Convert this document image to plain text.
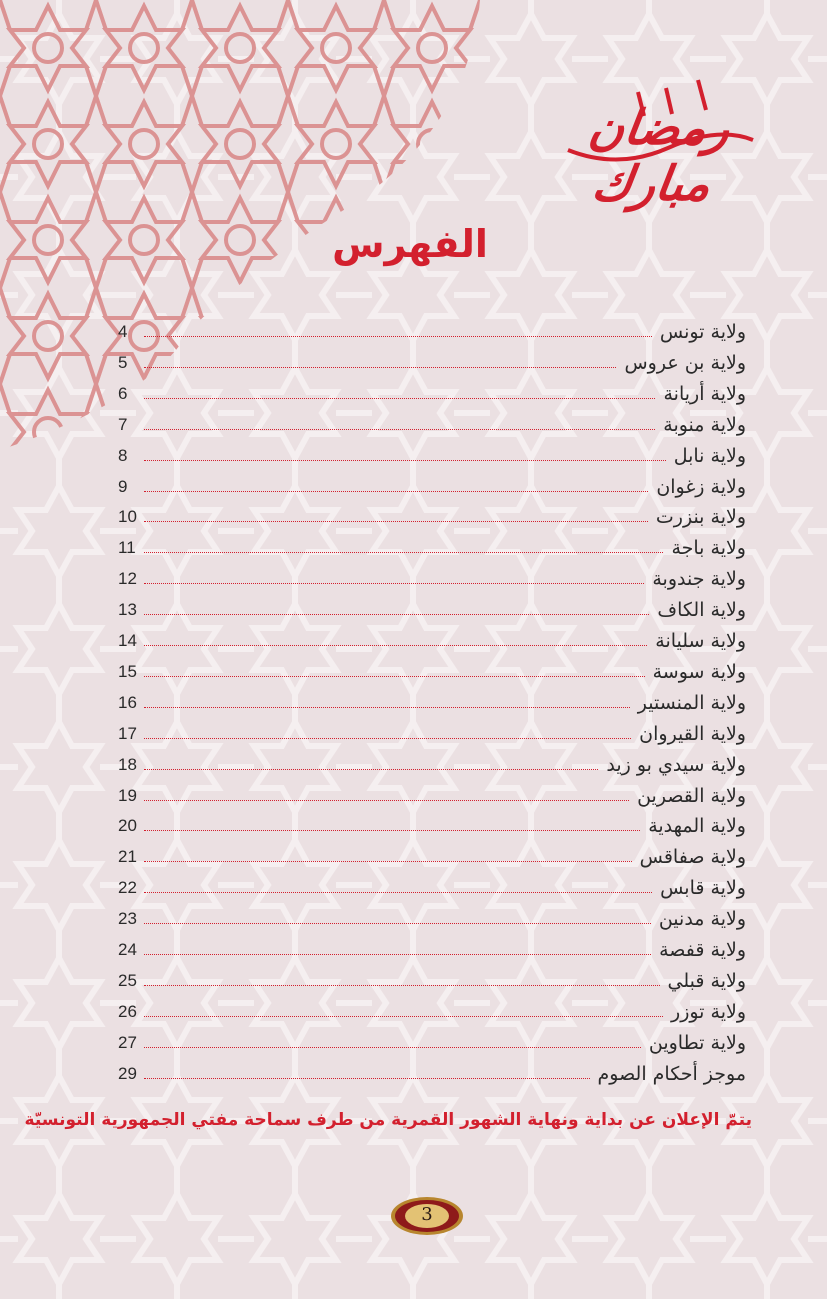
رمضان مبارك
الفهرس
ولاية تونس
4
ولاية بن عروس
5
ولاية أريانة
6
ولاية منوبة
7
ولاية نابل
8
ولاية زغوان
9
ولاية بنزرت
10
ولاية باجة
11
ولاية جندوبة
12
ولاية الكاف
13
ولاية سليانة
14
ولاية سوسة
15
ولاية المنستير
16
ولاية القيروان
17
ولاية سيدي بو زيد
18
ولاية القصرين
19
ولاية المهدية
20
ولاية صفاقس
21
ولاية قابس
22
ولاية مدنين
23
ولاية قفصة
24
ولاية قبلي
25
ولاية توزر
26
ولاية تطاوين
27
موجز أحكام الصوم
29
يتمّ الإعلان عن بداية ونهاية الشهور القمرية من طرف سماحة مفتي الجمهورية التونسيّة
3
